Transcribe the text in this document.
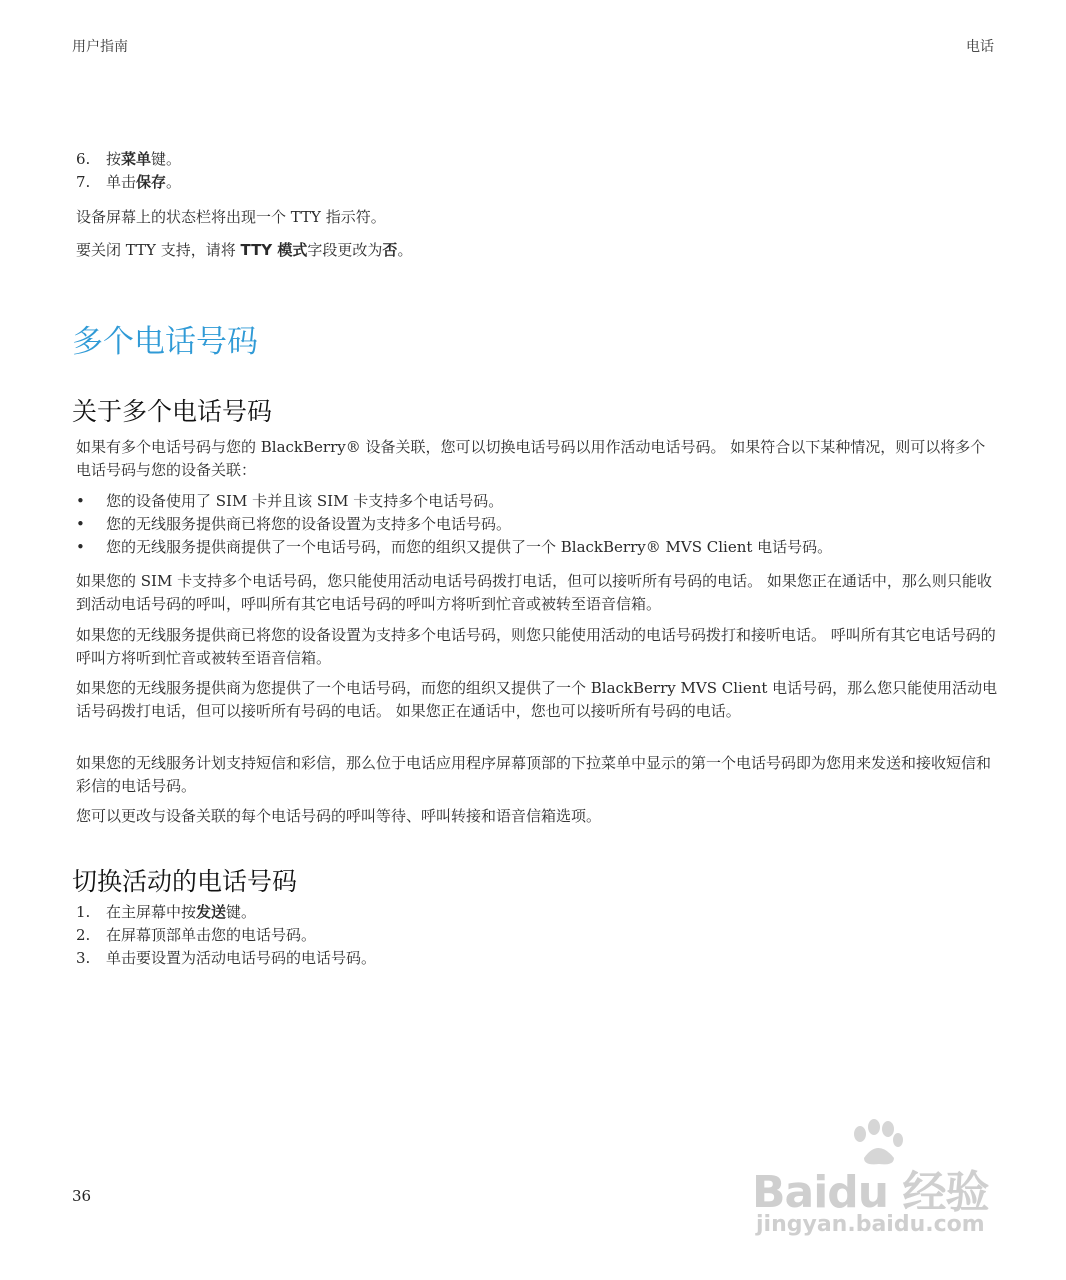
用户指南	电话
6.	按菜单键。
7.	单击保存。

设备屏幕上的状态栏将出现一个 TTY 指示符。

要关闭 TTY 支持，请将 TTY 模式字段更改为否。

多个电话号码
关于多个电话号码

如果有多个电话号码与您的 BlackBerry® 设备关联，您可以切换电话号码以用作活动电话号码。 如果符合以下某种情况，则可以将多个电话号码与您的设备关联：

•	您的设备使用了 SIM 卡并且该 SIM 卡支持多个电话号码。
•	您的无线服务提供商已将您的设备设置为支持多个电话号码。
•	您的无线服务提供商提供了一个电话号码，而您的组织又提供了一个 BlackBerry® MVS Client 电话号码。

如果您的 SIM 卡支持多个电话号码，您只能使用活动电话号码拨打电话，但可以接听所有号码的电话。 如果您正在通话中，那么则只能收到活动电话号码的呼叫，呼叫所有其它电话号码的呼叫方将听到忙音或被转至语音信箱。

如果您的无线服务提供商已将您的设备设置为支持多个电话号码，则您只能使用活动的电话号码拨打和接听电话。 呼叫所有其它电话号码的呼叫方将听到忙音或被转至语音信箱。

如果您的无线服务提供商为您提供了一个电话号码，而您的组织又提供了一个 BlackBerry MVS Client 电话号码，那么您只能使用活动电话号码拨打电话，但可以接听所有号码的电话。 如果您正在通话中，您也可以接听所有号码的电话。

如果您的无线服务计划支持短信和彩信，那么位于电话应用程序屏幕顶部的下拉菜单中显示的第一个电话号码即为您用来发送和接收短信和彩信的电话号码。

您可以更改与设备关联的每个电话号码的呼叫等待、呼叫转接和语音信箱选项。

切换活动的电话号码
1.	在主屏幕中按发送键。
2.	在屏幕顶部单击您的电话号码。
3.	单击要设置为活动电话号码的电话号码。
36	Baidu 经验
jingyan.baidu.com
